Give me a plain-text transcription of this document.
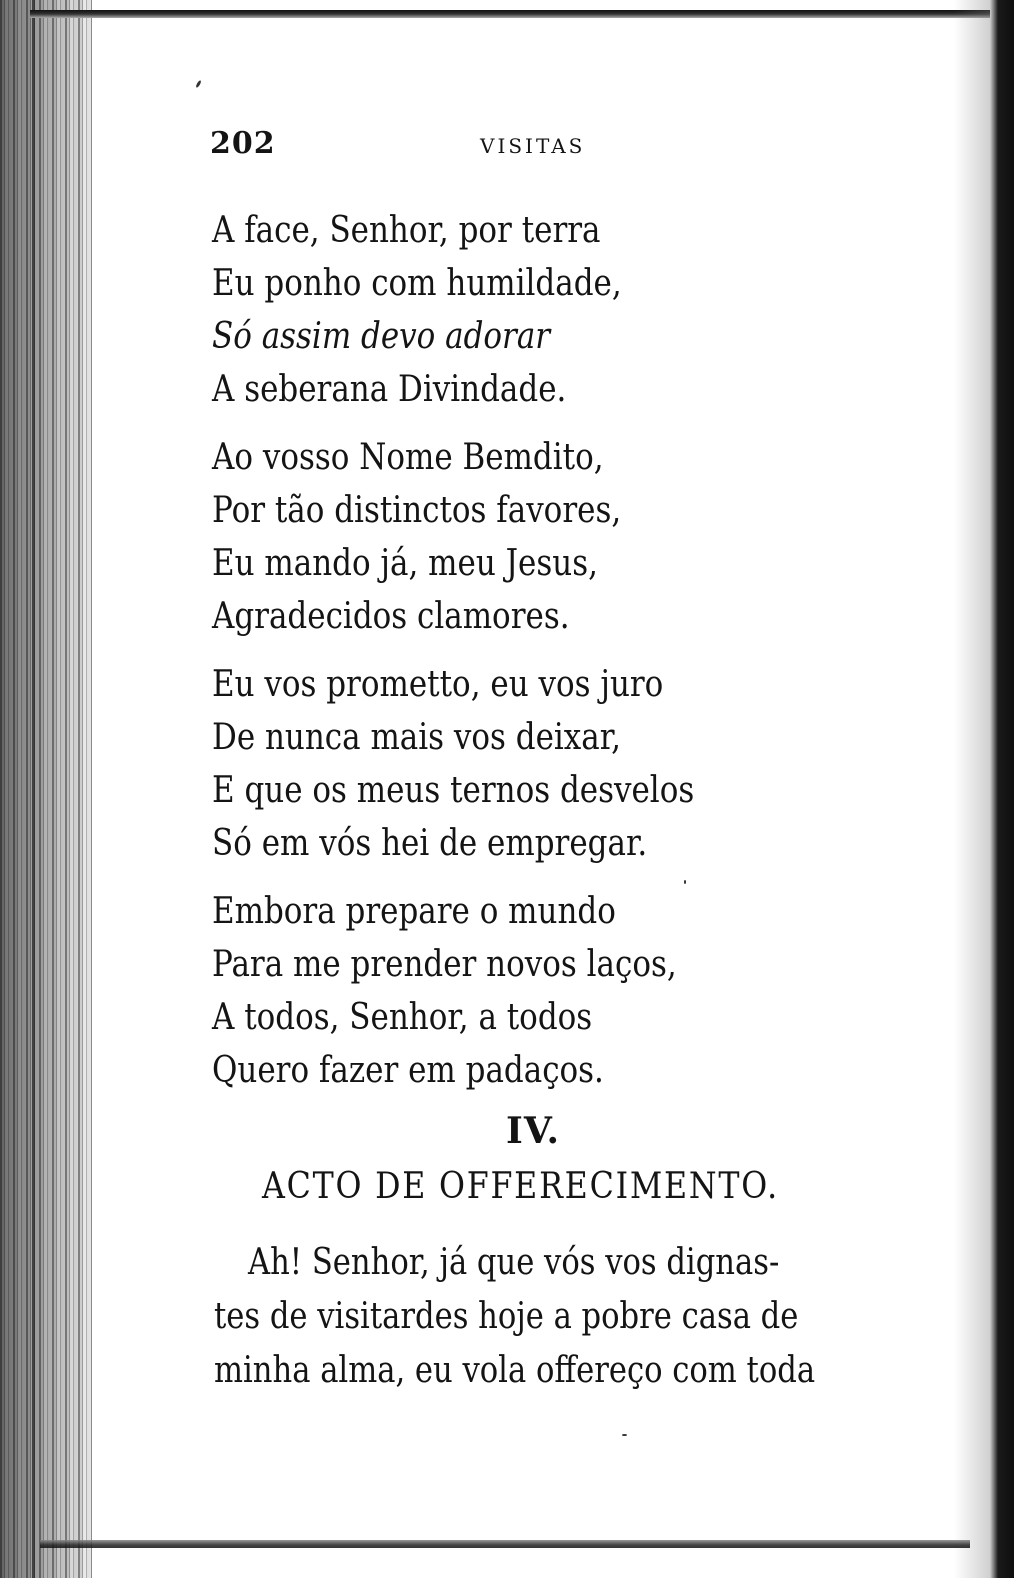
202	VISITAS
A face, Senhor, por terra
Eu ponho com humildade,
Só assim devo adorar
A seberana Divindade.
Ao vosso Nome Bemdito,
Por tão distinctos favores,
Eu mando já, meu Jesus,
Agradecidos clamores.
Eu vos prometto, eu vos juro
De nunca mais vos deixar,
E que os meus ternos desvelos
Só em vós hei de empregar.
Embora prepare o mundo
Para me prender novos laços,
A todos, Senhor, a todos
Quero fazer em padaços.
IV.
ACTO DE OFFERECIMENTO.
Ah! Senhor, já que vós vos dignas-
tes de visitardes hoje a pobre casa de
minha alma, eu vola offereço com toda
